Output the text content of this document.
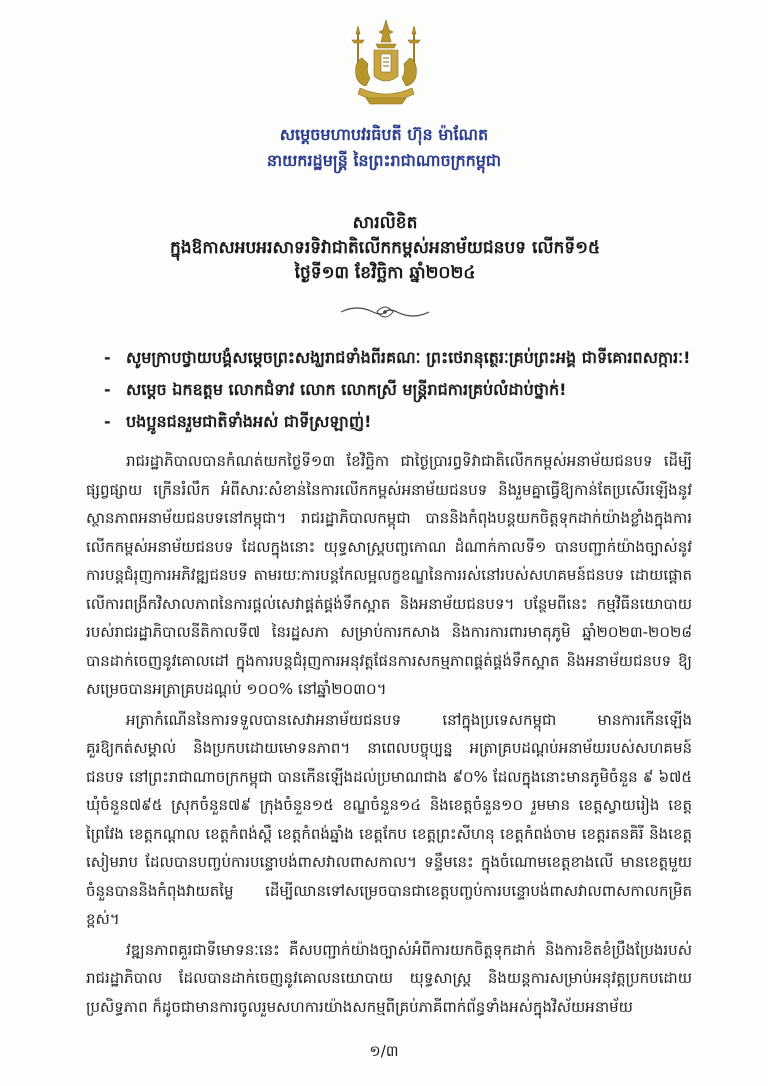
សម្តេចមហាបវរធិបតី ហ៊ុន ម៉ាណែត
នាយករដ្ឋមន្ត្រី នៃព្រះរាជាណាចក្រកម្ពុជា
សារលិខិត
ក្នុងឱកាសអបអរសាទរទិវាជាតិលើកកម្ពស់អនាម័យជនបទ លើកទី១៥
ថ្ងៃទី១៣ ខែវិច្ឆិកា ឆ្នាំ២០២៤
- សូមក្រាបថ្វាយបង្គំសម្តេចព្រះសង្ឃរាជទាំងពីរគណៈ ព្រះថេរានុត្ថេរៈគ្រប់ព្រះអង្គ ជាទីគោរពសក្ការៈ!
- សម្តេច ឯកឧត្តម លោកជំទាវ លោក លោកស្រី មន្ត្រីរាជការគ្រប់លំដាប់ថ្នាក់!
- បងប្អូនជនរួមជាតិទាំងអស់ ជាទីស្រឡាញ់!

រាជរដ្ឋាភិបាលបានកំណត់យកថ្ងៃទី១៣ ខែវិច្ឆិកា ជាថ្ងៃប្រារព្ធទិវាជាតិលើកកម្ពស់អនាម័យជនបទ ដើម្បីផ្សព្វផ្សាយ ក្រើនរំលឹក អំពីសារៈសំខាន់នៃការលើកកម្ពស់អនាម័យជនបទ និងរួមគ្នាធ្វើឱ្យកាន់តែប្រសើរឡើងនូវស្ថានភាពអនាម័យជនបទនៅកម្ពុជា។ រាជរដ្ឋាភិបាលកម្ពុជា បាននិងកំពុងបន្តយកចិត្តទុកដាក់យ៉ាងខ្លាំងក្នុងការលើកកម្ពស់អនាម័យជនបទ ដែលក្នុងនោះ យុទ្ធសាស្ត្របញ្ចកោណ ដំណាក់កាលទី១ បានបញ្ជាក់យ៉ាងច្បាស់នូវការបន្តជំរុញការអភិវឌ្ឍជនបទ តាមរយៈការបន្តកែលម្អលក្ខខណ្ឌនៃការរស់នៅរបស់សហគមន៍ជនបទ ដោយផ្តោតលើការពង្រីកវិសាលភាពនៃការផ្តល់សេវាផ្គត់ផ្គង់ទឹកស្អាត និងអនាម័យជនបទ។ បន្ថែមពីនេះ កម្មវិធីនយោបាយរបស់រាជរដ្ឋាភិបាលនីតិកាលទី៧ នៃរដ្ឋសភា សម្រាប់ការកសាង និងការការពារមាតុភូមិ ឆ្នាំ២០២៣-២០២៨ បានដាក់ចេញនូវគោលដៅ ក្នុងការបន្តជំរុញការអនុវត្តផែនការសកម្មភាពផ្គត់ផ្គង់ទឹកស្អាត និងអនាម័យជនបទ ឱ្យសម្រេចបានអត្រាគ្របដណ្តប់ ១០០% នៅឆ្នាំ២០៣០។

អត្រាកំណើននៃការទទួលបានសេវាអនាម័យជនបទ នៅក្នុងប្រទេសកម្ពុជា មានការកើនឡើងគួរឱ្យកត់សម្គាល់ និងប្រកបដោយមោទនភាព។ នាពេលបច្ចុប្បន្ន អត្រាគ្របដណ្តប់អនាម័យរបស់សហគមន៍ជនបទ នៅព្រះរាជាណាចក្រកម្ពុជា បានកើនឡើងដល់ប្រមាណជាង ៩០% ដែលក្នុងនោះមានភូមិចំនួន ៩ ៦៧៥ ឃុំចំនួន៧៩៥ ស្រុកចំនួន៧៩ ក្រុងចំនួន១៥ ខណ្ឌចំនួន១៤ និងខេត្តចំនួន១០ រួមមាន ខេត្តស្វាយរៀង ខេត្តព្រៃវែង ខេត្តកណ្តាល ខេត្តកំពង់ស្ពឺ ខេត្តកំពង់ឆ្នាំង ខេត្តកែប ខេត្តព្រះសីហនុ ខេត្តកំពង់ចាម ខេត្តរតនគិរី និងខេត្តសៀមរាប ដែលបានបញ្ចប់ការបន្ទោបង់ពាសវាលពាសកាល។ ទន្ទឹមនេះ ក្នុងចំណោមខេត្តខាងលើ មានខេត្តមួយចំនួនបាននិងកំពុងវាយតម្លៃ ដើម្បីឈានទៅសម្រេចបានជាខេត្តបញ្ចប់ការបន្ទោបង់ពាសវាលពាសកាលកម្រិតខ្ពស់។

វឌ្ឍនភាពគួរជាទីមោទនៈនេះ គឺសបញ្ជាក់យ៉ាងច្បាស់អំពីការយកចិត្តទុកដាក់ និងការខិតខំប្រឹងប្រែងរបស់រាជរដ្ឋាភិបាល ដែលបានដាក់ចេញនូវគោលនយោបាយ យុទ្ធសាស្ត្រ និងយន្តការសម្រាប់អនុវត្តប្រកបដោយប្រសិទ្ធភាព ក៏ដូចជាមានការចូលរួមសហការយ៉ាងសកម្មពីគ្រប់ភាគីពាក់ព័ន្ធទាំងអស់ក្នុងវិស័យអនាម័យ

១/៣
